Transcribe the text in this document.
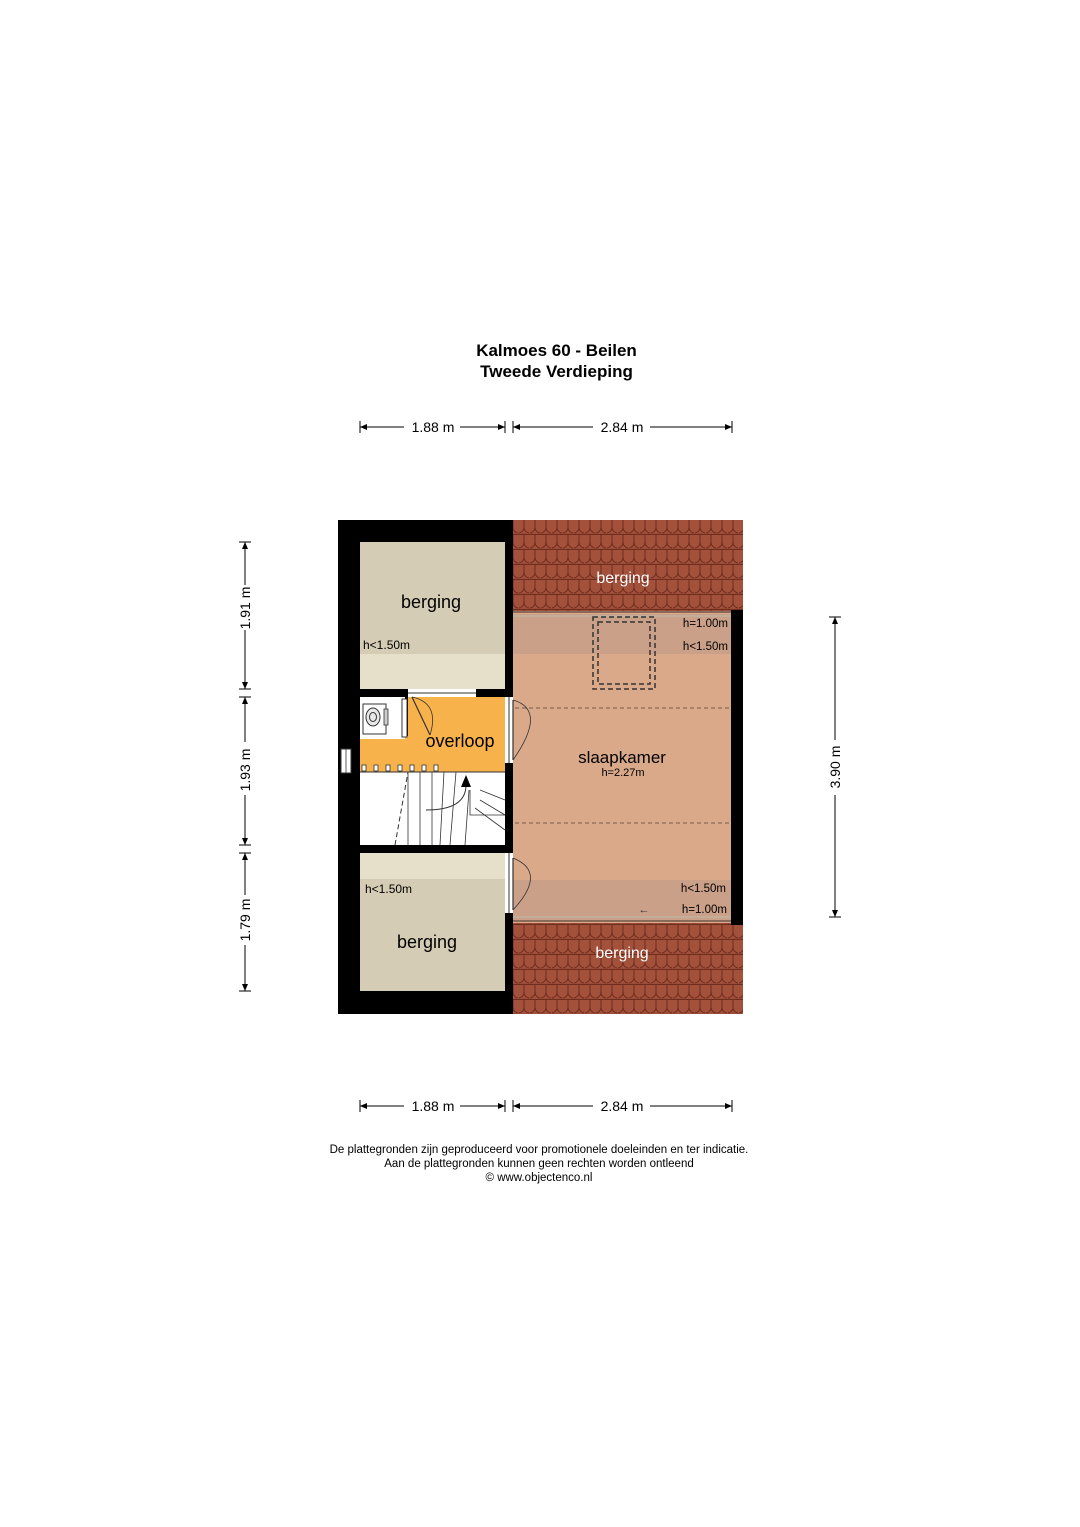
Kalmoes 60 - Beilen
Tweede Verdieping
1.88 m	2.84 m
1.88 m	2.84 m
1.91 m
1.93 m
1.79 m
3.90 m
berging
h<1.50m
berging
h<1.50m
overloop
berging
berging
slaapkamer
h=2.27m
h=1.00m
h<1.50m
h<1.50m
h=1.00m
←
De plattegronden zijn geproduceerd voor promotionele doeleinden en ter indicatie.
Aan de plattegronden kunnen geen rechten worden ontleend
© www.objectenco.nl
